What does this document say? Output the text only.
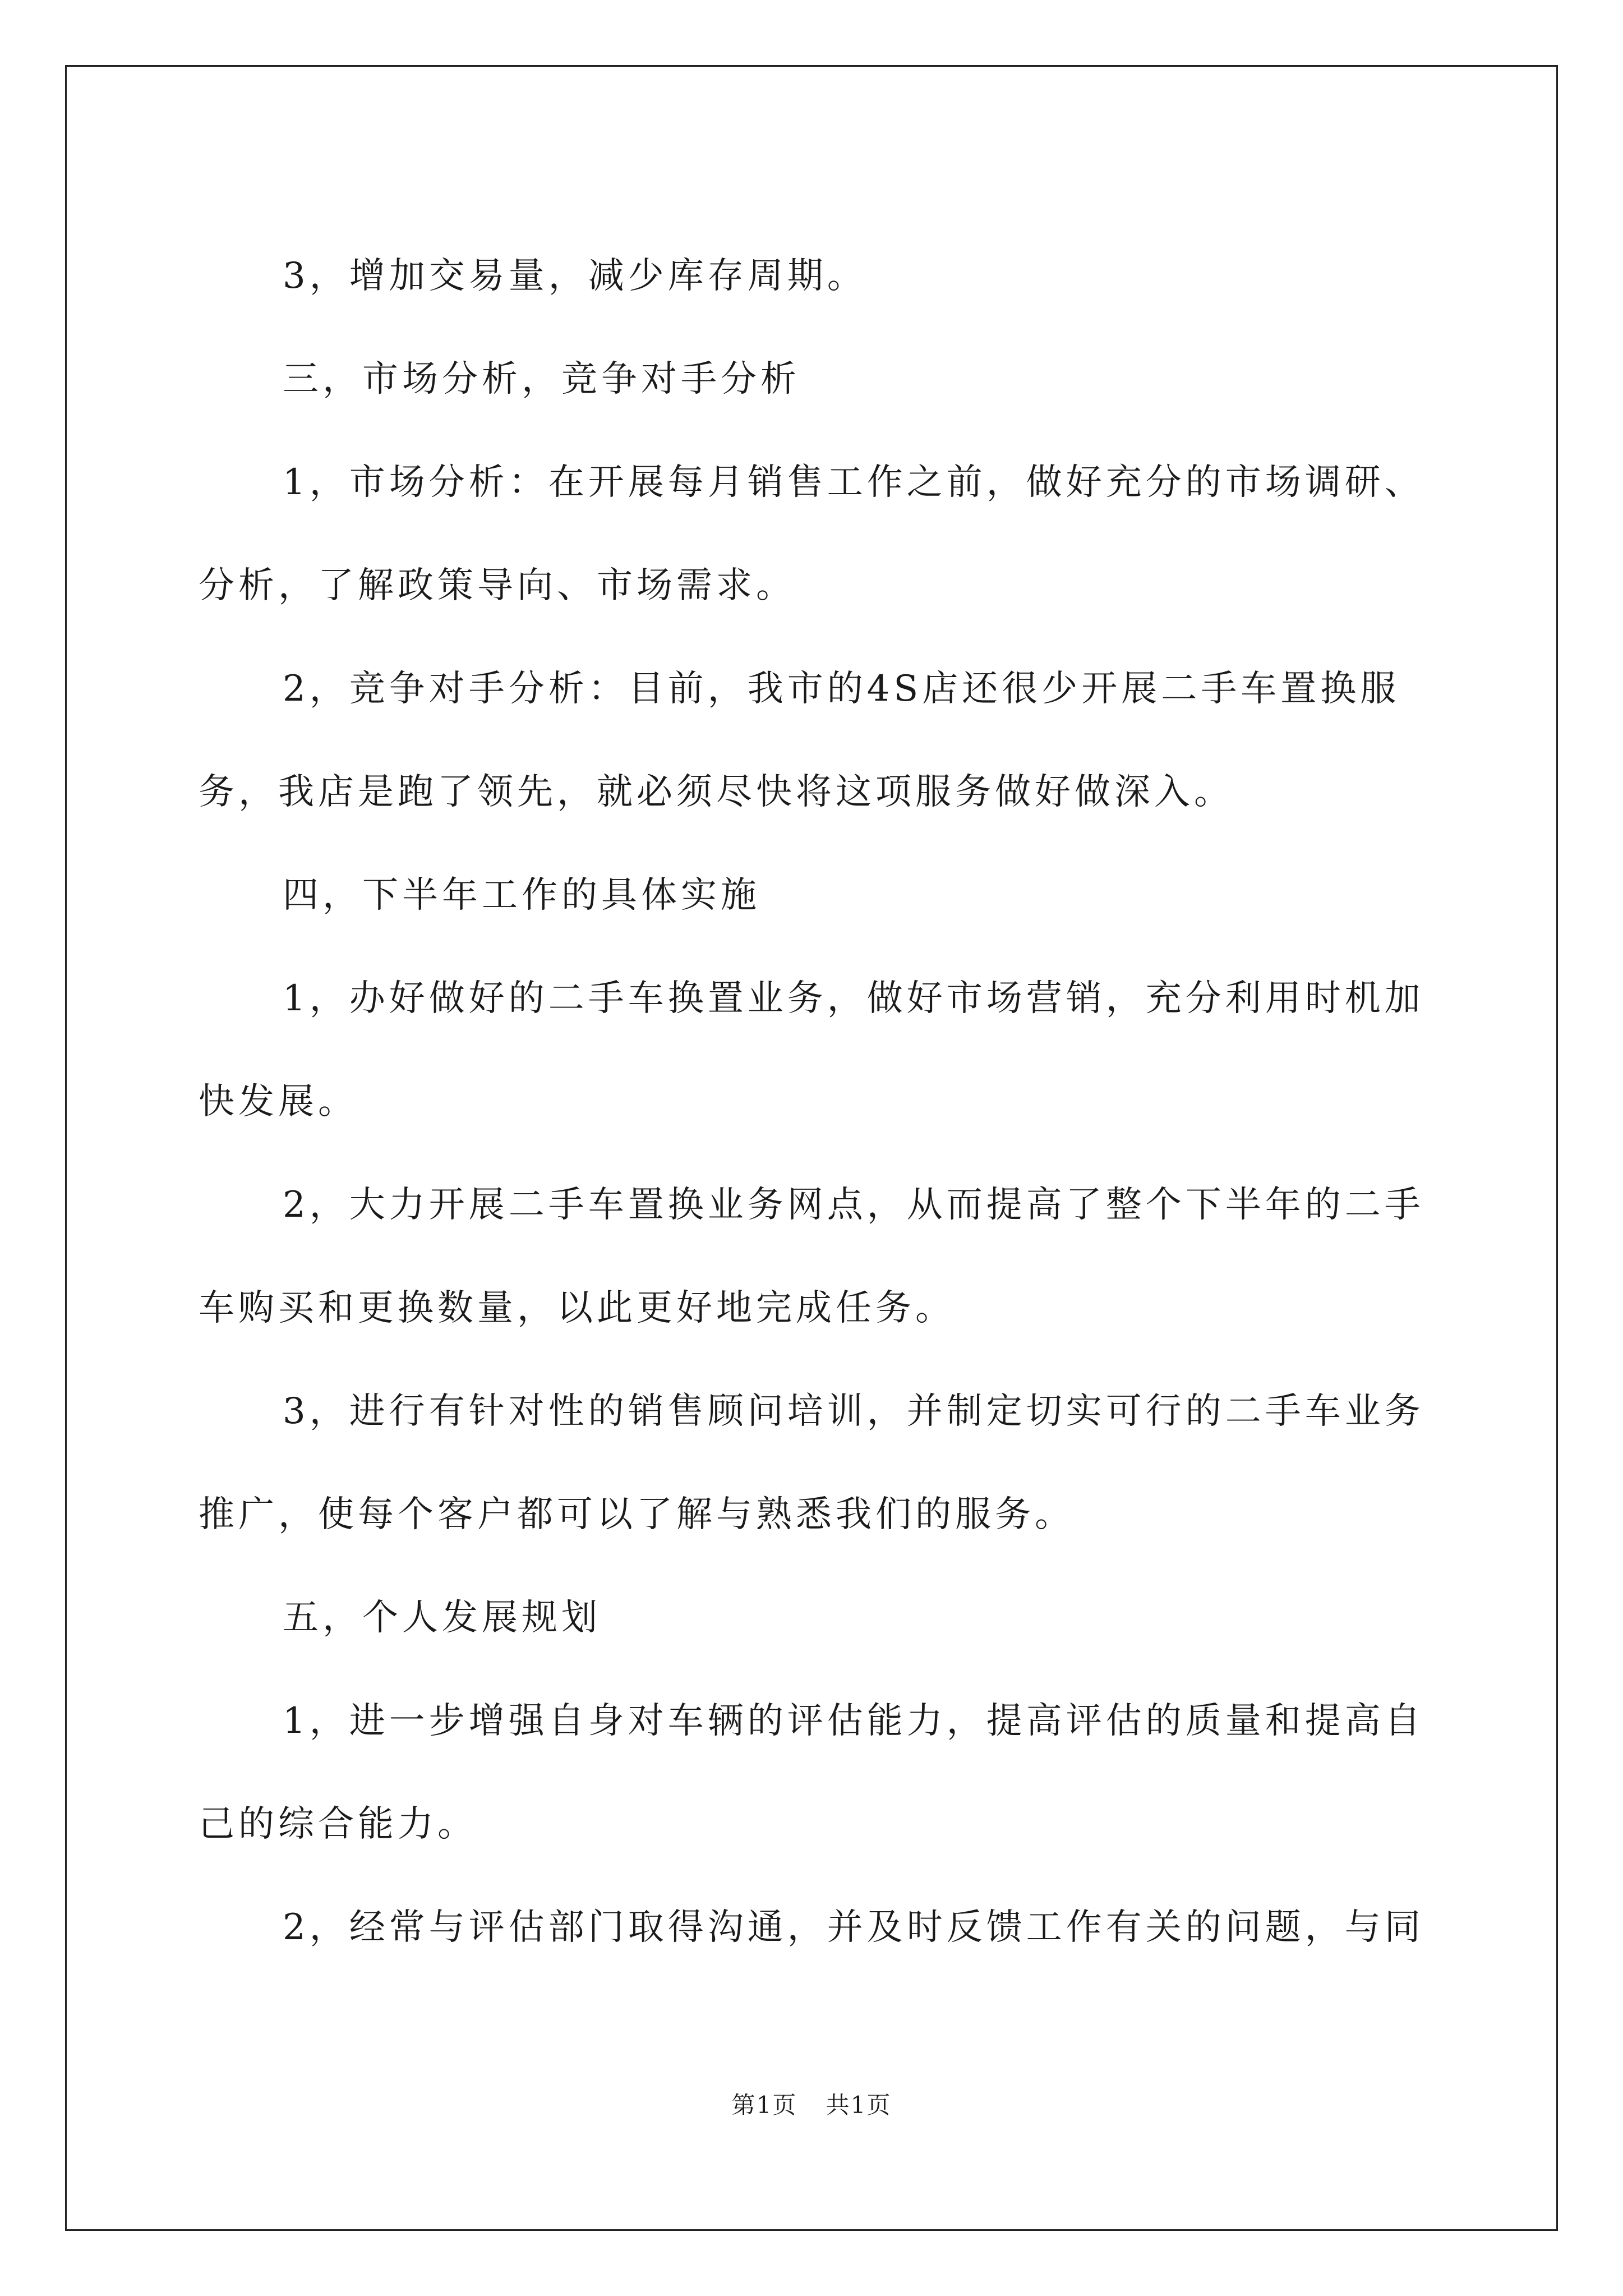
3，增加交易量，减少库存周期。

三，市场分析，竞争对手分析

1，市场分析：在开展每月销售工作之前，做好充分的市场调研、

分析，了解政策导向、市场需求。

2，竞争对手分析：目前，我市的4S店还很少开展二手车置换服

务，我店是跑了领先，就必须尽快将这项服务做好做深入。

四，下半年工作的具体实施

1，办好做好的二手车换置业务，做好市场营销，充分利用时机加

快发展。

2，大力开展二手车置换业务网点，从而提高了整个下半年的二手

车购买和更换数量，以此更好地完成任务。

3，进行有针对性的销售顾问培训，并制定切实可行的二手车业务

推广，使每个客户都可以了解与熟悉我们的服务。

五，个人发展规划

1，进一步增强自身对车辆的评估能力，提高评估的质量和提高自

己的综合能力。

2，经常与评估部门取得沟通，并及时反馈工作有关的问题，与同

第1页 共1页
